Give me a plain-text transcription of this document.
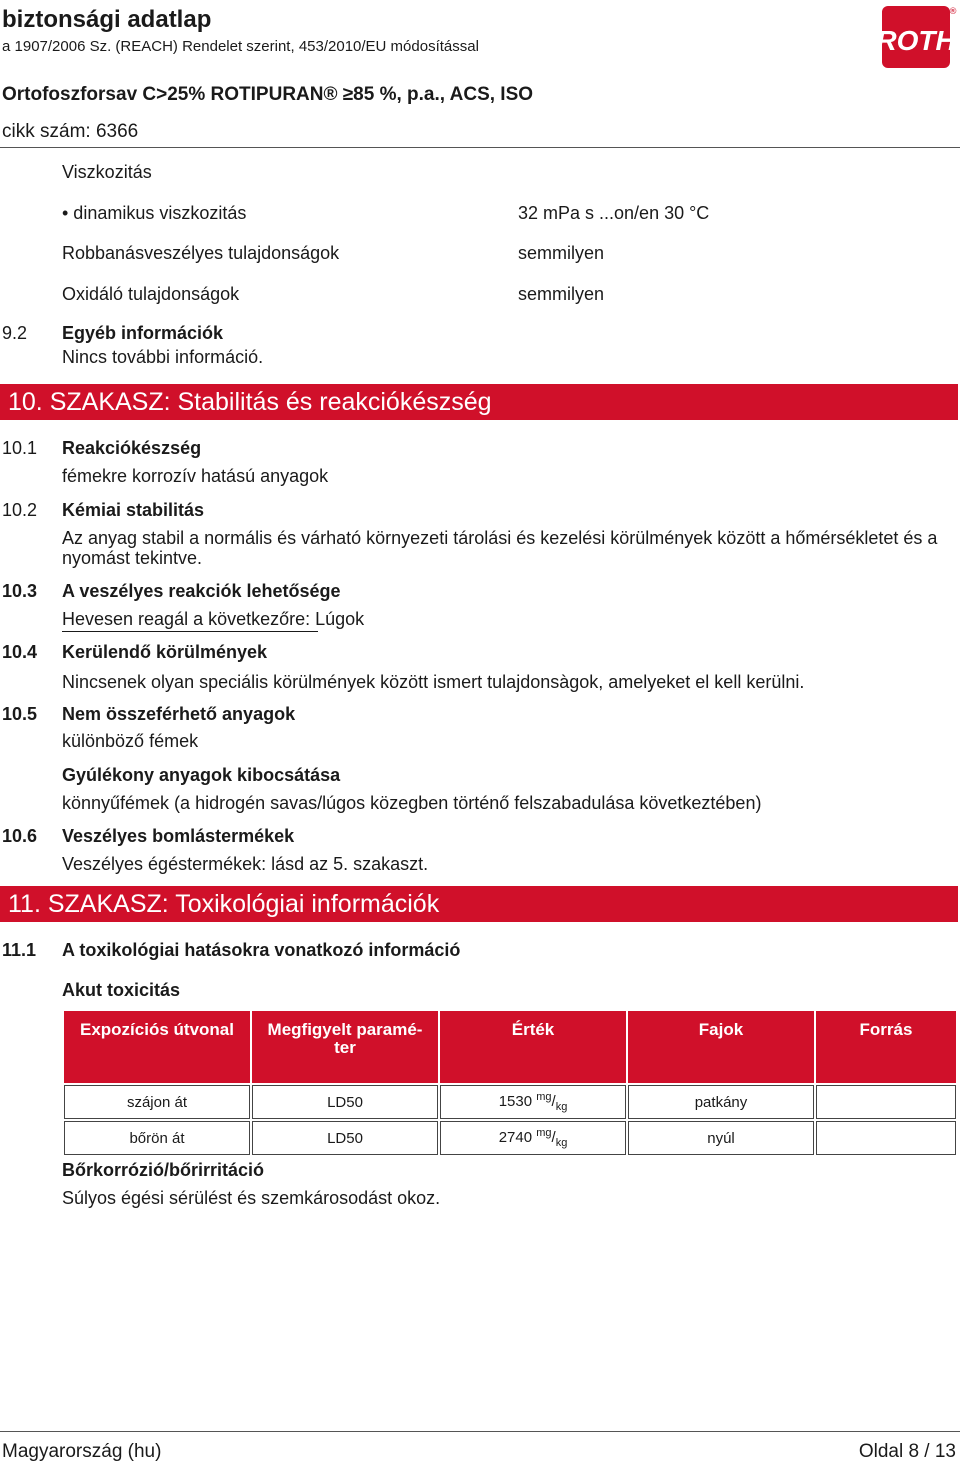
biztonsági adatlap
a 1907/2006 Sz. (REACH) Rendelet szerint, 453/2010/EU módosítással
Ortofoszforsav C>25% ROTIPURAN® ≥85 %, p.a., ACS, ISO
cikk szám: 6366
ROTH
®
Viszkozitás
• dinamikus viszkozitás	32 mPa s ...on/en 30 °C
Robbanásveszélyes tulajdonságok	semmilyen
Oxidáló tulajdonságok	semmilyen
9.2 Egyéb információk
Nincs további információ.
10. SZAKASZ: Stabilitás és reakciókészség
10.1 Reakciókészség
fémekre korrozív hatású anyagok
10.2 Kémiai stabilitás
Az anyag stabil a normális és várható környezeti tárolási és kezelési körülmények között a hőmérsékletet és a
nyomást tekintve.
10.3 A veszélyes reakciók lehetősége
Hevesen reagál a következőre: Lúgok
10.4 Kerülendő körülmények
Nincsenek olyan speciális körülmények között ismert tulajdonsàgok, amelyeket el kell kerülni.
10.5 Nem összeférhető anyagok
különböző fémek
Gyúlékony anyagok kibocsátása
könnyűfémek (a hidrogén savas/lúgos közegben történő felszabadulása következtében)
10.6 Veszélyes bomlástermékek
Veszélyes égéstermékek: lásd az 5. szakaszt.
11. SZAKASZ: Toxikológiai információk
11.1 A toxikológiai hatásokra vonatkozó információ
Akut toxicitás
Expozíciós útvonal	Megfigyelt paramé-ter	Érték	Fajok	Forrás
szájon át	LD50	1530 $^{mg}/_{kg}$	patkány	
bőrön át	LD50	2740 $^{mg}/_{kg}$	nyúl	
Bőrkorrózió/bőrirritáció
Súlyos égési sérülést és szemkárosodást okoz.
Magyarország (hu)	Oldal 8 / 13
